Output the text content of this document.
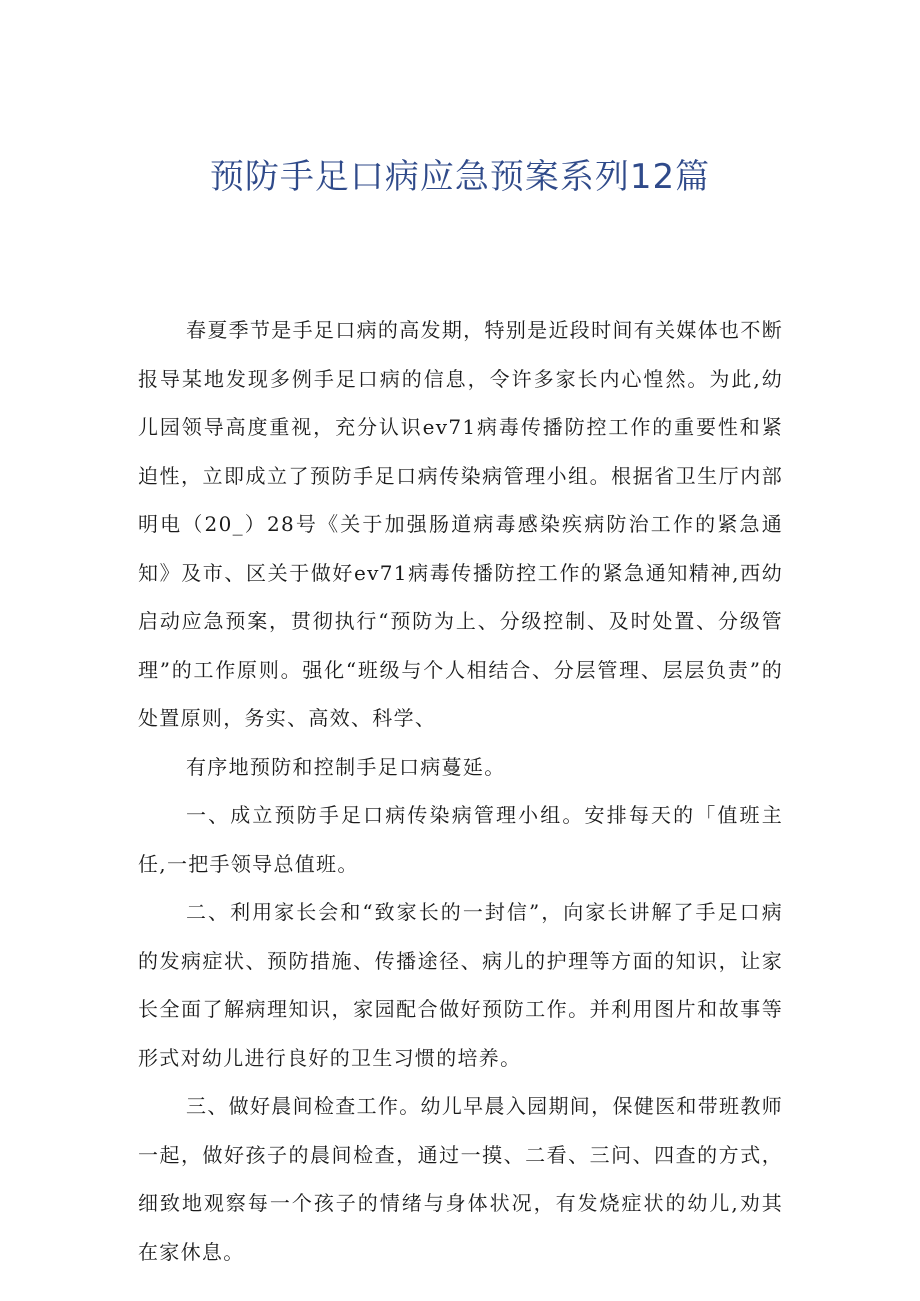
预防手足口病应急预案系列12篇

春夏季节是手足口病的高发期，特别是近段时间有关媒体也不断报导某地发现多例手足口病的信息，令许多家长内心惶然。为此,幼儿园领导高度重视，充分认识ev71病毒传播防控工作的重要性和紧迫性，立即成立了预防手足口病传染病管理小组。根据省卫生厅内部明电（20_）28号《关于加强肠道病毒感染疾病防治工作的紧急通知》及市、区关于做好ev71病毒传播防控工作的紧急通知精神,西幼启动应急预案，贯彻执行“预防为上、分级控制、及时处置、分级管理”的工作原则。强化“班级与个人相结合、分层管理、层层负责”的处置原则，务实、高效、科学、

有序地预防和控制手足口病蔓延。

一、成立预防手足口病传染病管理小组。安排每天的「值班主任,一把手领导总值班。

二、利用家长会和“致家长的一封信”，向家长讲解了手足口病的发病症状、预防措施、传播途径、病儿的护理等方面的知识，让家长全面了解病理知识，家园配合做好预防工作。并利用图片和故事等形式对幼儿进行良好的卫生习惯的培养。

三、做好晨间检查工作。幼儿早晨入园期间，保健医和带班教师一起，做好孩子的晨间检查，通过一摸、二看、三问、四查的方式，细致地观察每一个孩子的情绪与身体状况，有发烧症状的幼儿,劝其在家休息。
